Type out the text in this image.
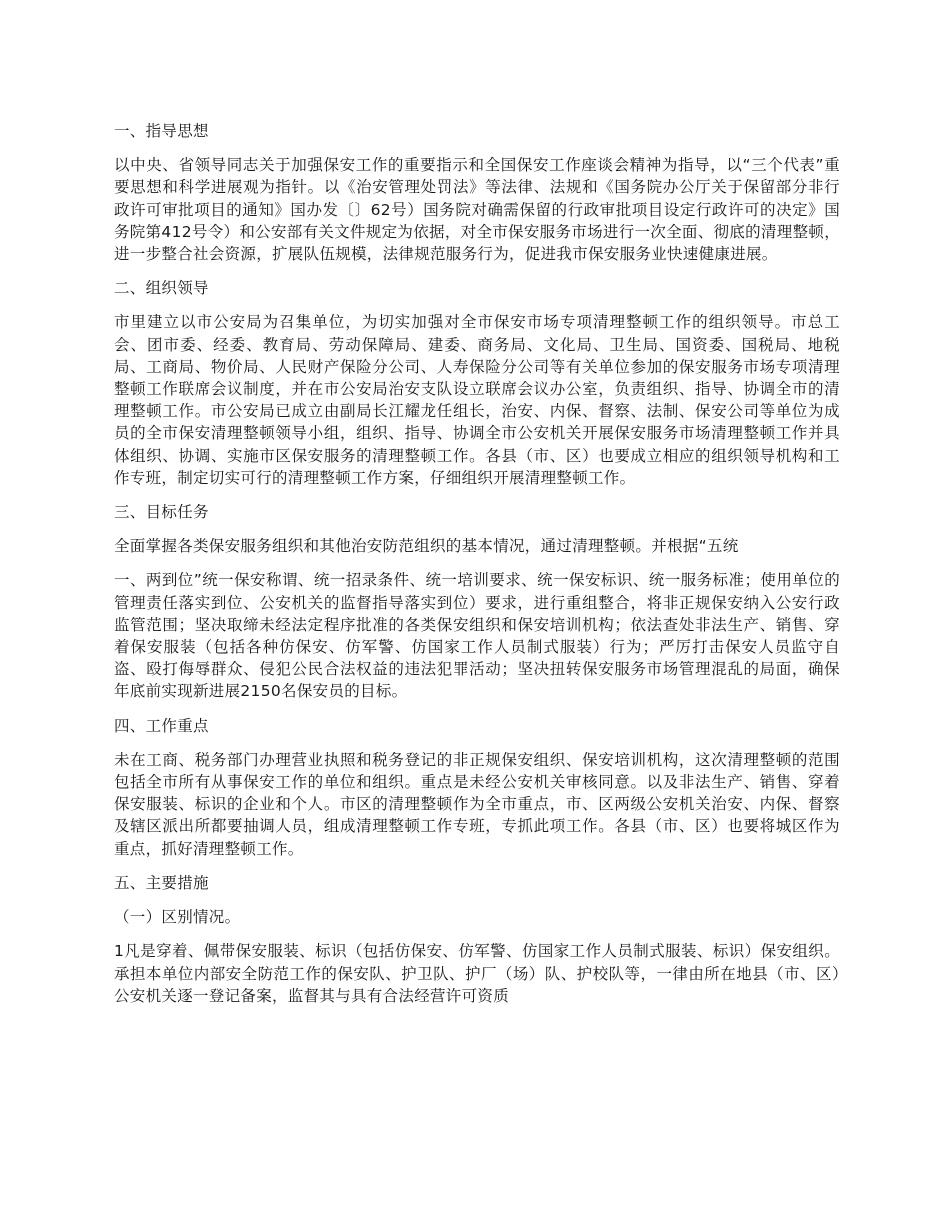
一、指导思想
以中央、省领导同志关于加强保安工作的重要指示和全国保安工作座谈会精神为指导，以“三个代表”重要思想和科学进展观为指针。以《治安管理处罚法》等法律、法规和《国务院办公厅关于保留部分非行政许可审批项目的通知》国办发〔〕62号）国务院对确需保留的行政审批项目设定行政许可的决定》国务院第412号令）和公安部有关文件规定为依据，对全市保安服务市场进行一次全面、彻底的清理整顿，进一步整合社会资源，扩展队伍规模，法律规范服务行为，促进我市保安服务业快速健康进展。
二、组织领导
市里建立以市公安局为召集单位，为切实加强对全市保安市场专项清理整顿工作的组织领导。市总工会、团市委、经委、教育局、劳动保障局、建委、商务局、文化局、卫生局、国资委、国税局、地税局、工商局、物价局、人民财产保险分公司、人寿保险分公司等有关单位参加的保安服务市场专项清理整顿工作联席会议制度，并在市公安局治安支队设立联席会议办公室，负责组织、指导、协调全市的清理整顿工作。市公安局已成立由副局长江耀龙任组长，治安、内保、督察、法制、保安公司等单位为成员的全市保安清理整顿领导小组，组织、指导、协调全市公安机关开展保安服务市场清理整顿工作并具体组织、协调、实施市区保安服务的清理整顿工作。各县（市、区）也要成立相应的组织领导机构和工作专班，制定切实可行的清理整顿工作方案，仔细组织开展清理整顿工作。
三、目标任务
全面掌握各类保安服务组织和其他治安防范组织的基本情况，通过清理整顿。并根据“五统
一、两到位”统一保安称谓、统一招录条件、统一培训要求、统一保安标识、统一服务标准；使用单位的管理责任落实到位、公安机关的监督指导落实到位）要求，进行重组整合，将非正规保安纳入公安行政监管范围；坚决取缔未经法定程序批准的各类保安组织和保安培训机构；依法查处非法生产、销售、穿着保安服装（包括各种仿保安、仿军警、仿国家工作人员制式服装）行为；严厉打击保安人员监守自盗、殴打侮辱群众、侵犯公民合法权益的违法犯罪活动；坚决扭转保安服务市场管理混乱的局面，确保年底前实现新进展2150名保安员的目标。
四、工作重点
未在工商、税务部门办理营业执照和税务登记的非正规保安组织、保安培训机构，这次清理整顿的范围包括全市所有从事保安工作的单位和组织。重点是未经公安机关审核同意。以及非法生产、销售、穿着保安服装、标识的企业和个人。市区的清理整顿作为全市重点，市、区两级公安机关治安、内保、督察及辖区派出所都要抽调人员，组成清理整顿工作专班，专抓此项工作。各县（市、区）也要将城区作为重点，抓好清理整顿工作。
五、主要措施
（一）区别情况。
1凡是穿着、佩带保安服装、标识（包括仿保安、仿军警、仿国家工作人员制式服装、标识）保安组织。承担本单位内部安全防范工作的保安队、护卫队、护厂（场）队、护校队等，一律由所在地县（市、区）公安机关逐一登记备案，监督其与具有合法经营许可资质
